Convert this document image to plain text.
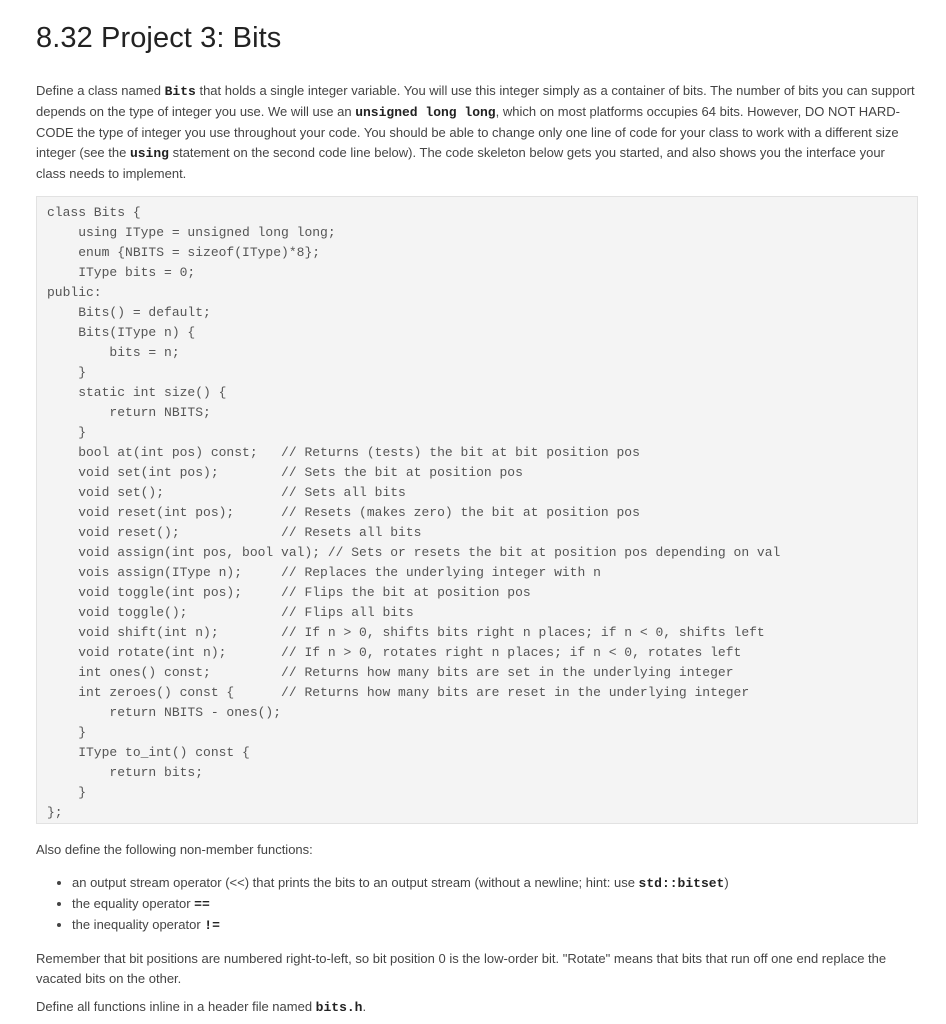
8.32 Project 3: Bits

Define a class named Bits that holds a single integer variable. You will use this integer simply as a container of bits. The number of bits you can support depends on the type of integer you use. We will use an unsigned long long, which on most platforms occupies 64 bits. However, DO NOT HARD-CODE the type of integer you use throughout your code. You should be able to change only one line of code for your class to work with a different size integer (see the using statement on the second code line below). The code skeleton below gets you started, and also shows you the interface your class needs to implement.

class Bits {
using IType = unsigned long long;
enum {NBITS = sizeof(IType)*8};
IType bits = 0;
public:
Bits() = default;
Bits(IType n) {
bits = n;
}
static int size() {
return NBITS;
}
bool at(int pos) const;   // Returns (tests) the bit at bit position pos
void set(int pos);        // Sets the bit at position pos
void set();               // Sets all bits
void reset(int pos);      // Resets (makes zero) the bit at position pos
void reset();             // Resets all bits
void assign(int pos, bool val); // Sets or resets the bit at position pos depending on val
vois assign(IType n);     // Replaces the underlying integer with n
void toggle(int pos);     // Flips the bit at position pos
void toggle();            // Flips all bits
void shift(int n);        // If n > 0, shifts bits right n places; if n < 0, shifts left
void rotate(int n);       // If n > 0, rotates right n places; if n < 0, rotates left
int ones() const;         // Returns how many bits are set in the underlying integer
int zeroes() const {      // Returns how many bits are reset in the underlying integer
return NBITS - ones();
}
IType to_int() const {
return bits;
}
};

Also define the following non-member functions:

• an output stream operator (<<) that prints the bits to an output stream (without a newline; hint: use std::bitset)
• the equality operator ==
• the inequality operator !=

Remember that bit positions are numbered right-to-left, so bit position 0 is the low-order bit. "Rotate" means that bits that run off one end replace the vacated bits on the other.

Define all functions inline in a header file named bits.h.
